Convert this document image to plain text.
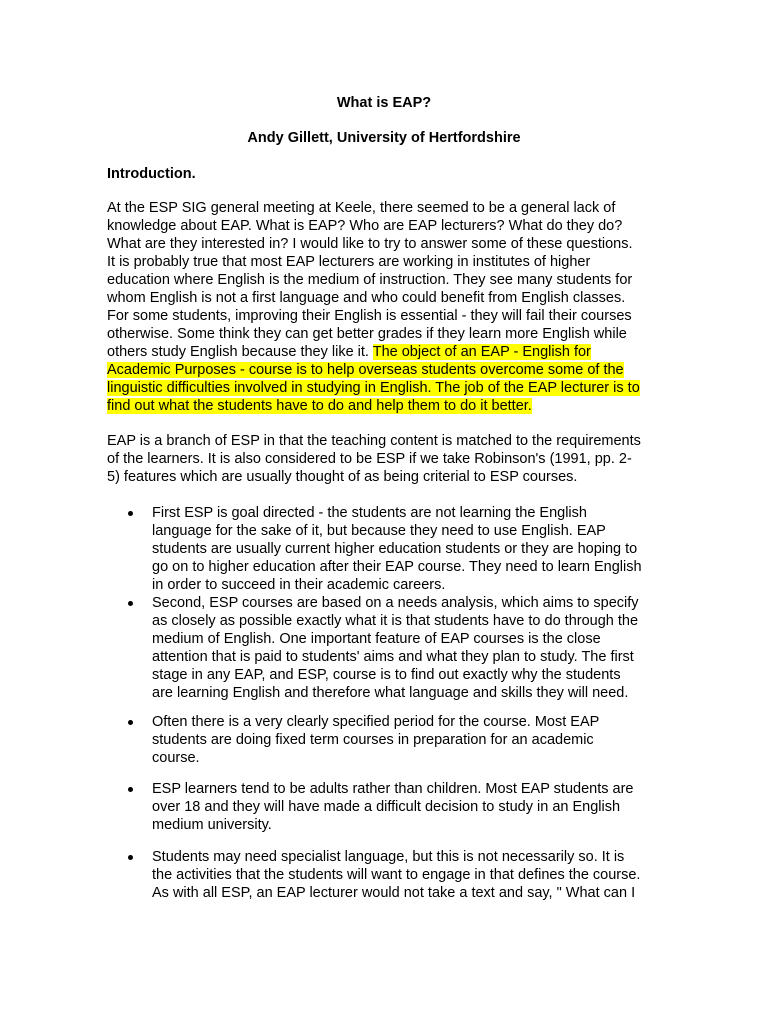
What is EAP?
Andy Gillett, University of Hertfordshire
Introduction.

At the ESP SIG general meeting at Keele, there seemed to be a general lack of
knowledge about EAP. What is EAP? Who are EAP lecturers? What do they do?
What are they interested in? I would like to try to answer some of these questions.
It is probably true that most EAP lecturers are working in institutes of higher
education where English is the medium of instruction. They see many students for
whom English is not a first language and who could benefit from English classes.
For some students, improving their English is essential - they will fail their courses
otherwise. Some think they can get better grades if they learn more English while
others study English because they like it. The object of an EAP - English for
Academic Purposes - course is to help overseas students overcome some of the
linguistic difficulties involved in studying in English. The job of the EAP lecturer is to
find out what the students have to do and help them to do it better.

EAP is a branch of ESP in that the teaching content is matched to the requirements
of the learners. It is also considered to be ESP if we take Robinson's (1991, pp. 2-
5) features which are usually thought of as being criterial to ESP courses.

First ESP is goal directed - the students are not learning the English
language for the sake of it, but because they need to use English. EAP
students are usually current higher education students or they are hoping to
go on to higher education after their EAP course. They need to learn English
in order to succeed in their academic careers.
Second, ESP courses are based on a needs analysis, which aims to specify
as closely as possible exactly what it is that students have to do through the
medium of English. One important feature of EAP courses is the close
attention that is paid to students' aims and what they plan to study. The first
stage in any EAP, and ESP, course is to find out exactly why the students
are learning English and therefore what language and skills they will need.
Often there is a very clearly specified period for the course. Most EAP
students are doing fixed term courses in preparation for an academic
course.
ESP learners tend to be adults rather than children. Most EAP students are
over 18 and they will have made a difficult decision to study in an English
medium university.
Students may need specialist language, but this is not necessarily so. It is
the activities that the students will want to engage in that defines the course.
As with all ESP, an EAP lecturer would not take a text and say, " What can I
